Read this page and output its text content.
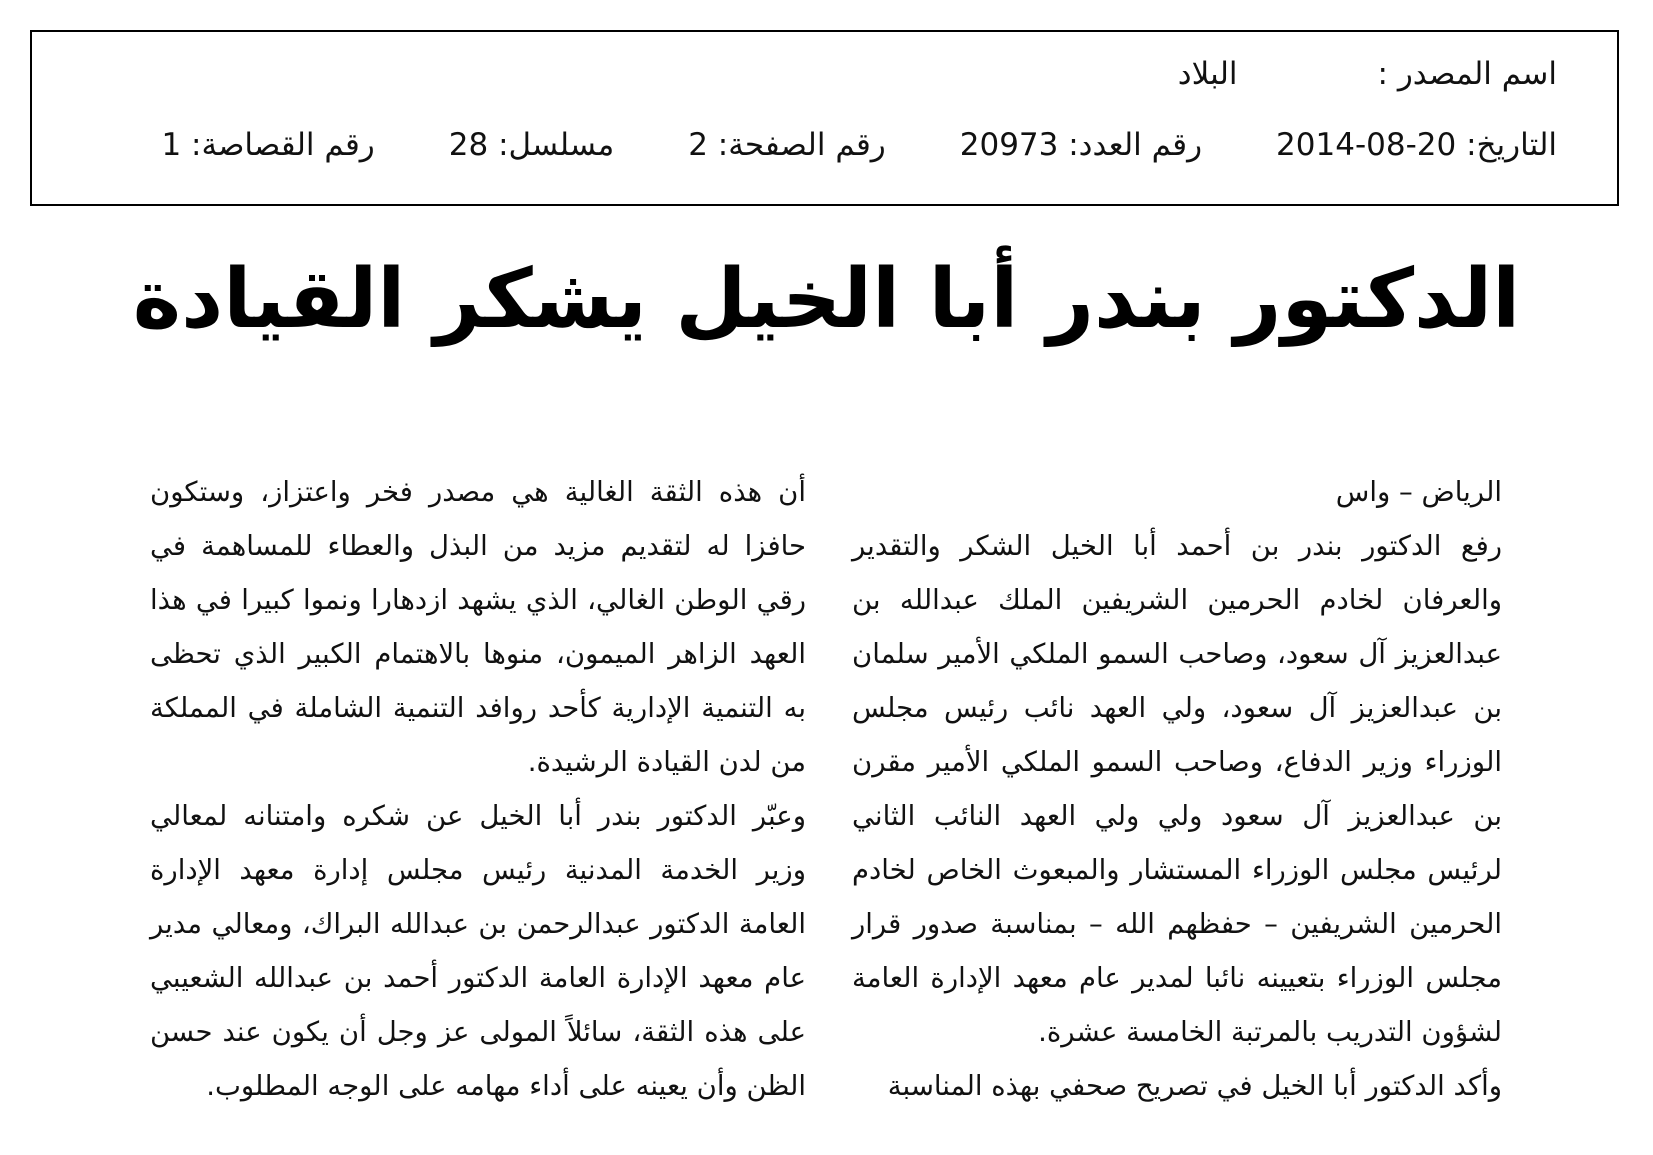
اسم المصدر :البلاد
التاريخ: 20-08-2014رقم العدد: 20973رقم الصفحة: 2مسلسل: 28رقم القصاصة: 1
الدكتور بندر أبا الخيل يشكر القيادة

الرياض – واس

رفع الدكتور بندر بن أحمد أبا الخيل الشكر والتقدير والعرفان لخادم الحرمين الشريفين الملك عبدالله بن عبدالعزيز آل سعود، وصاحب السمو الملكي الأمير سلمان بن عبدالعزيز آل سعود، ولي العهد نائب رئيس مجلس الوزراء وزير الدفاع، وصاحب السمو الملكي الأمير مقرن بن عبدالعزيز آل سعود ولي ولي العهد النائب الثاني لرئيس مجلس الوزراء المستشار والمبعوث الخاص لخادم الحرمين الشريفين – حفظهم الله – بمناسبة صدور قرار مجلس الوزراء بتعيينه نائبا لمدير عام معهد الإدارة العامة لشؤون التدريب بالمرتبة الخامسة عشرة.

وأكد الدكتور أبا الخيل في تصريح صحفي بهذه المناسبة

أن هذه الثقة الغالية هي مصدر فخر واعتزاز، وستكون حافزا له لتقديم مزيد من البذل والعطاء للمساهمة في رقي الوطن الغالي، الذي يشهد ازدهارا ونموا كبيرا في هذا العهد الزاهر الميمون، منوها بالاهتمام الكبير الذي تحظى به التنمية الإدارية كأحد روافد التنمية الشاملة في المملكة من لدن القيادة الرشيدة.

وعبّر الدكتور بندر أبا الخيل عن شكره وامتنانه لمعالي وزير الخدمة المدنية رئيس مجلس إدارة معهد الإدارة العامة الدكتور عبدالرحمن بن عبدالله البراك، ومعالي مدير عام معهد الإدارة العامة الدكتور أحمد بن عبدالله الشعيبي على هذه الثقة، سائلاً المولى عز وجل أن يكون عند حسن الظن وأن يعينه على أداء مهامه على الوجه المطلوب.
